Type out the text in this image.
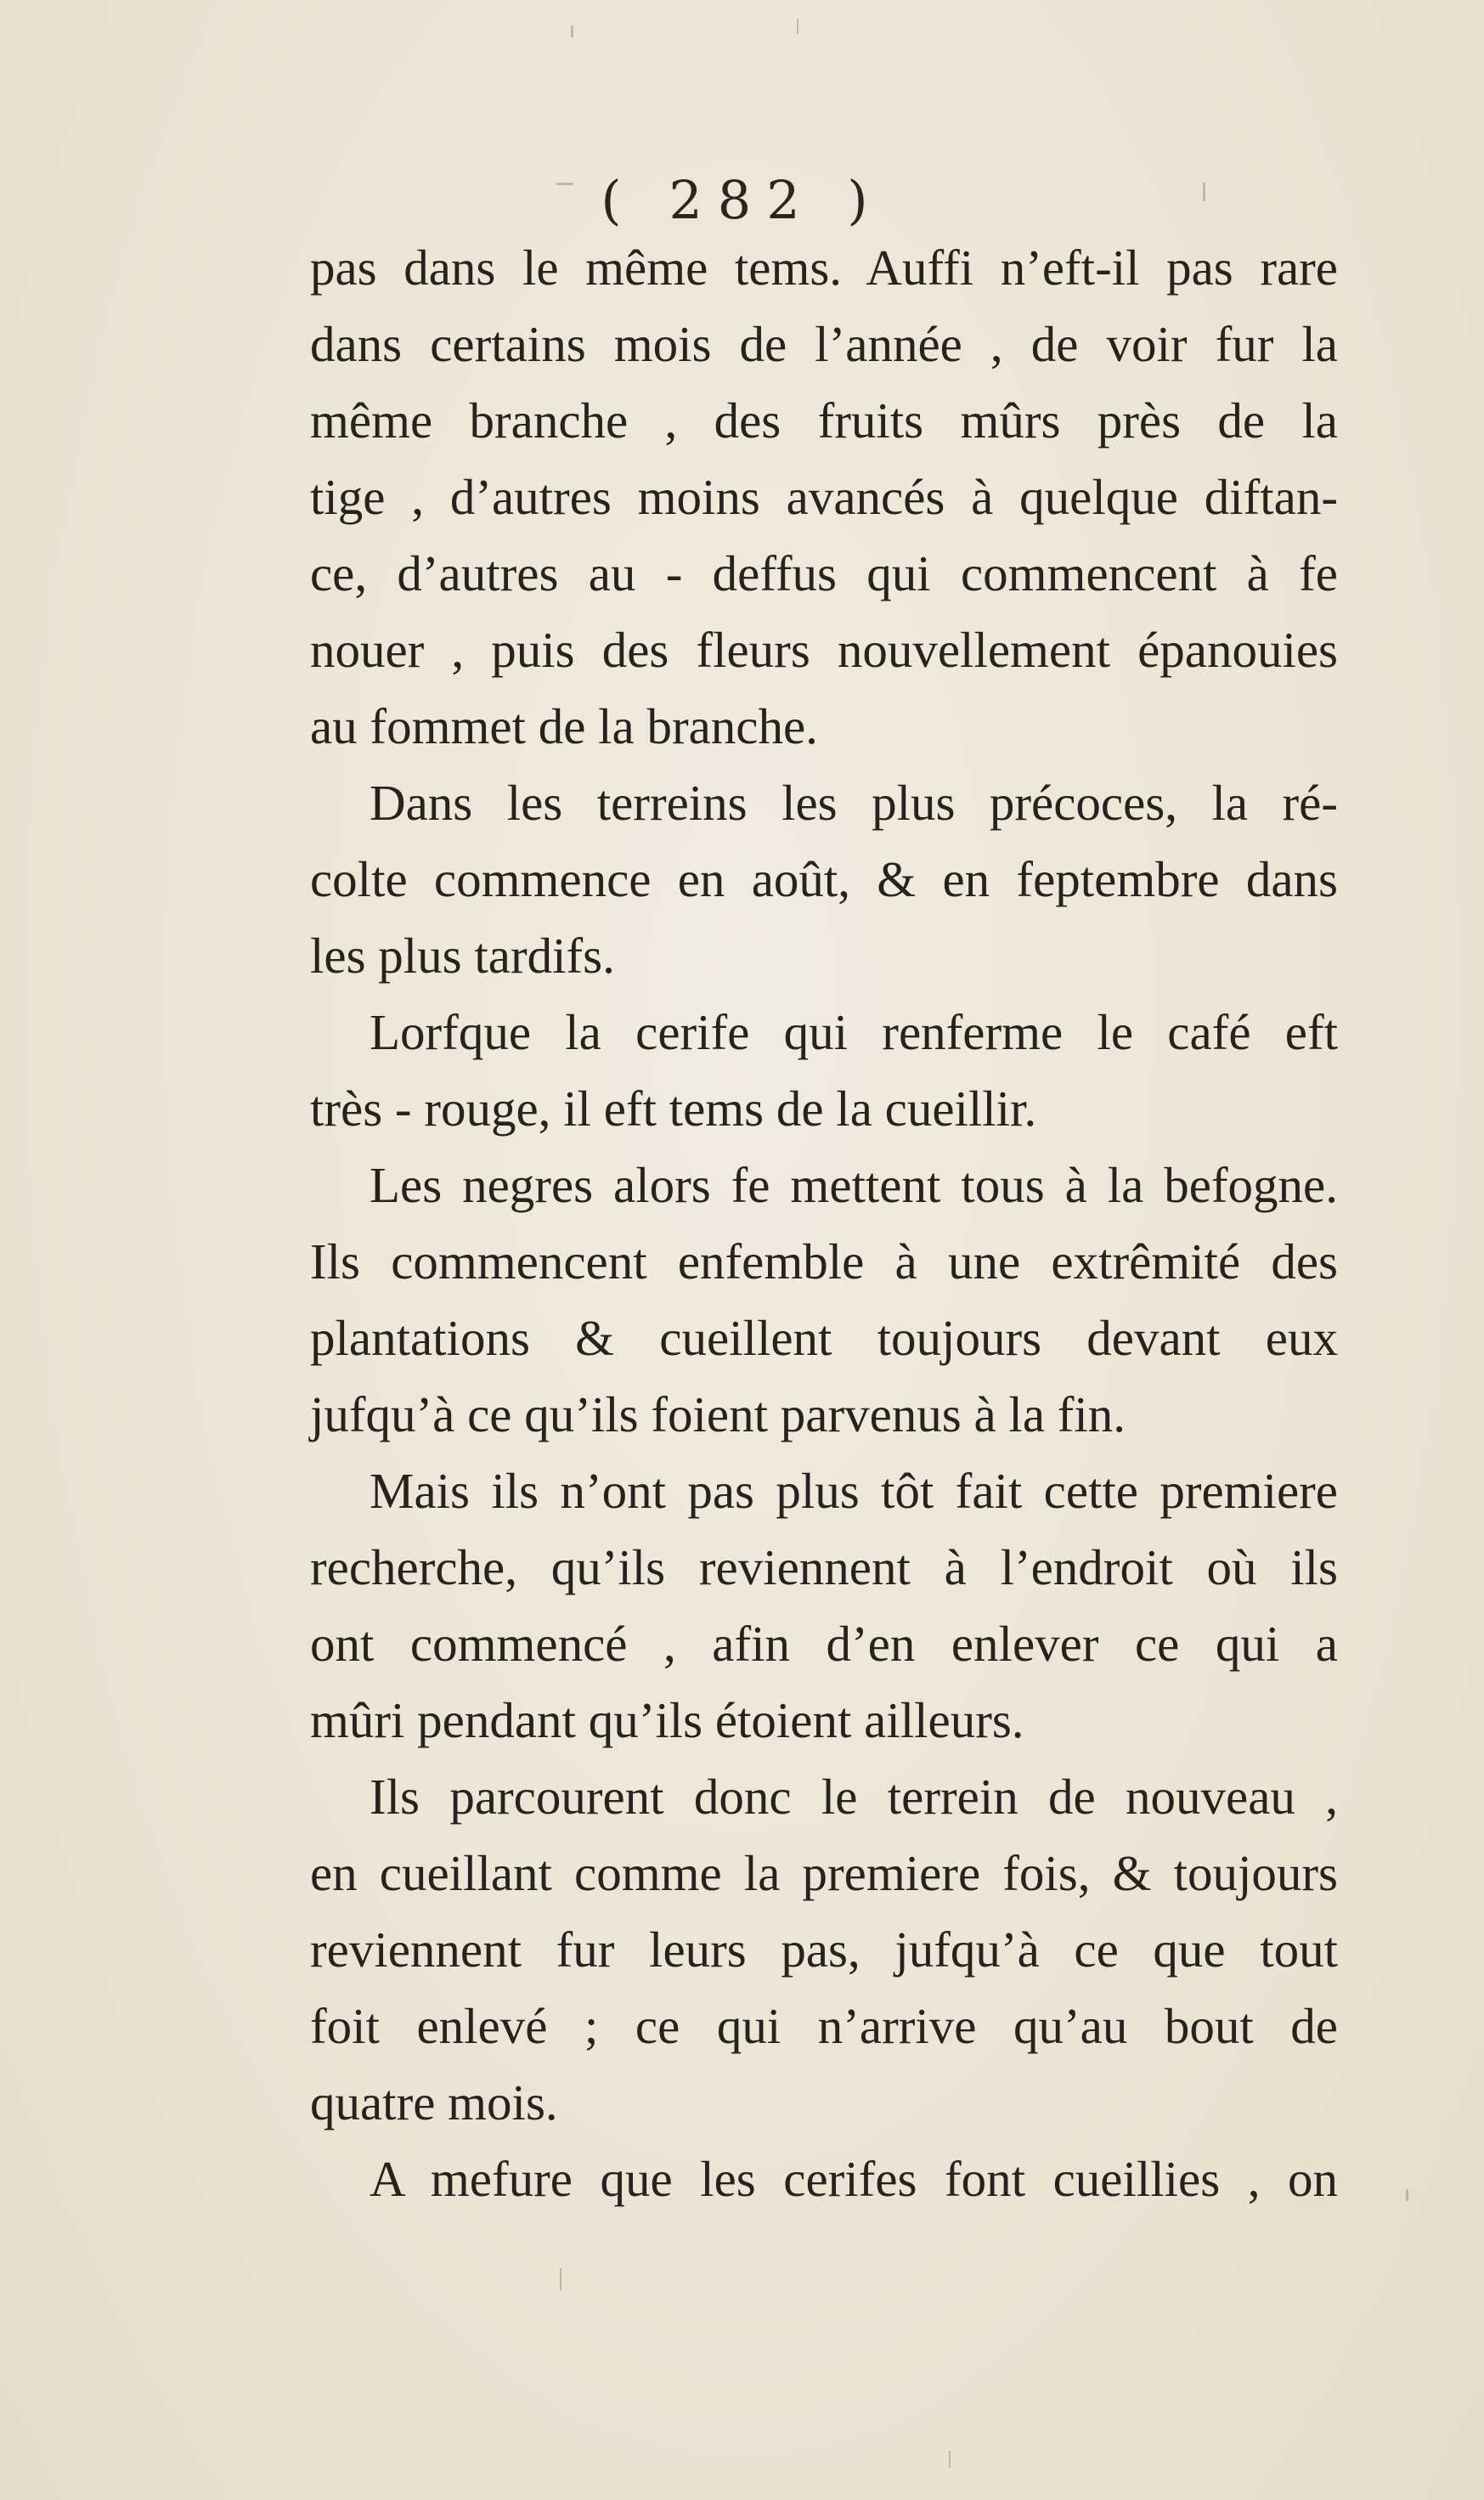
( 282 )
pas dans le même tems. Auffi n’eft-il pas rare
dans certains mois de l’année , de voir fur la
même branche , des fruits mûrs près de la
tige , d’autres moins avancés à quelque diftan-
ce, d’autres au - deffus qui commencent à fe
nouer , puis des fleurs nouvellement épanouies
au fommet de la branche.
Dans les terreins les plus précoces, la ré-
colte commence en août, & en feptembre dans
les plus tardifs.
Lorfque la cerife qui renferme le café eft
très - rouge, il eft tems de la cueillir.
Les negres alors fe mettent tous à la befogne.
Ils commencent enfemble à une extrêmité des
plantations & cueillent toujours devant eux
jufqu’à ce qu’ils foient parvenus à la fin.
Mais ils n’ont pas plus tôt fait cette premiere
recherche, qu’ils reviennent à l’endroit où ils
ont commencé , afin d’en enlever ce qui a
mûri pendant qu’ils étoient ailleurs.
Ils parcourent donc le terrein de nouveau ,
en cueillant comme la premiere fois, & toujours
reviennent fur leurs pas, jufqu’à ce que tout
foit enlevé ; ce qui n’arrive qu’au bout de
quatre mois.
A mefure que les cerifes font cueillies , on
